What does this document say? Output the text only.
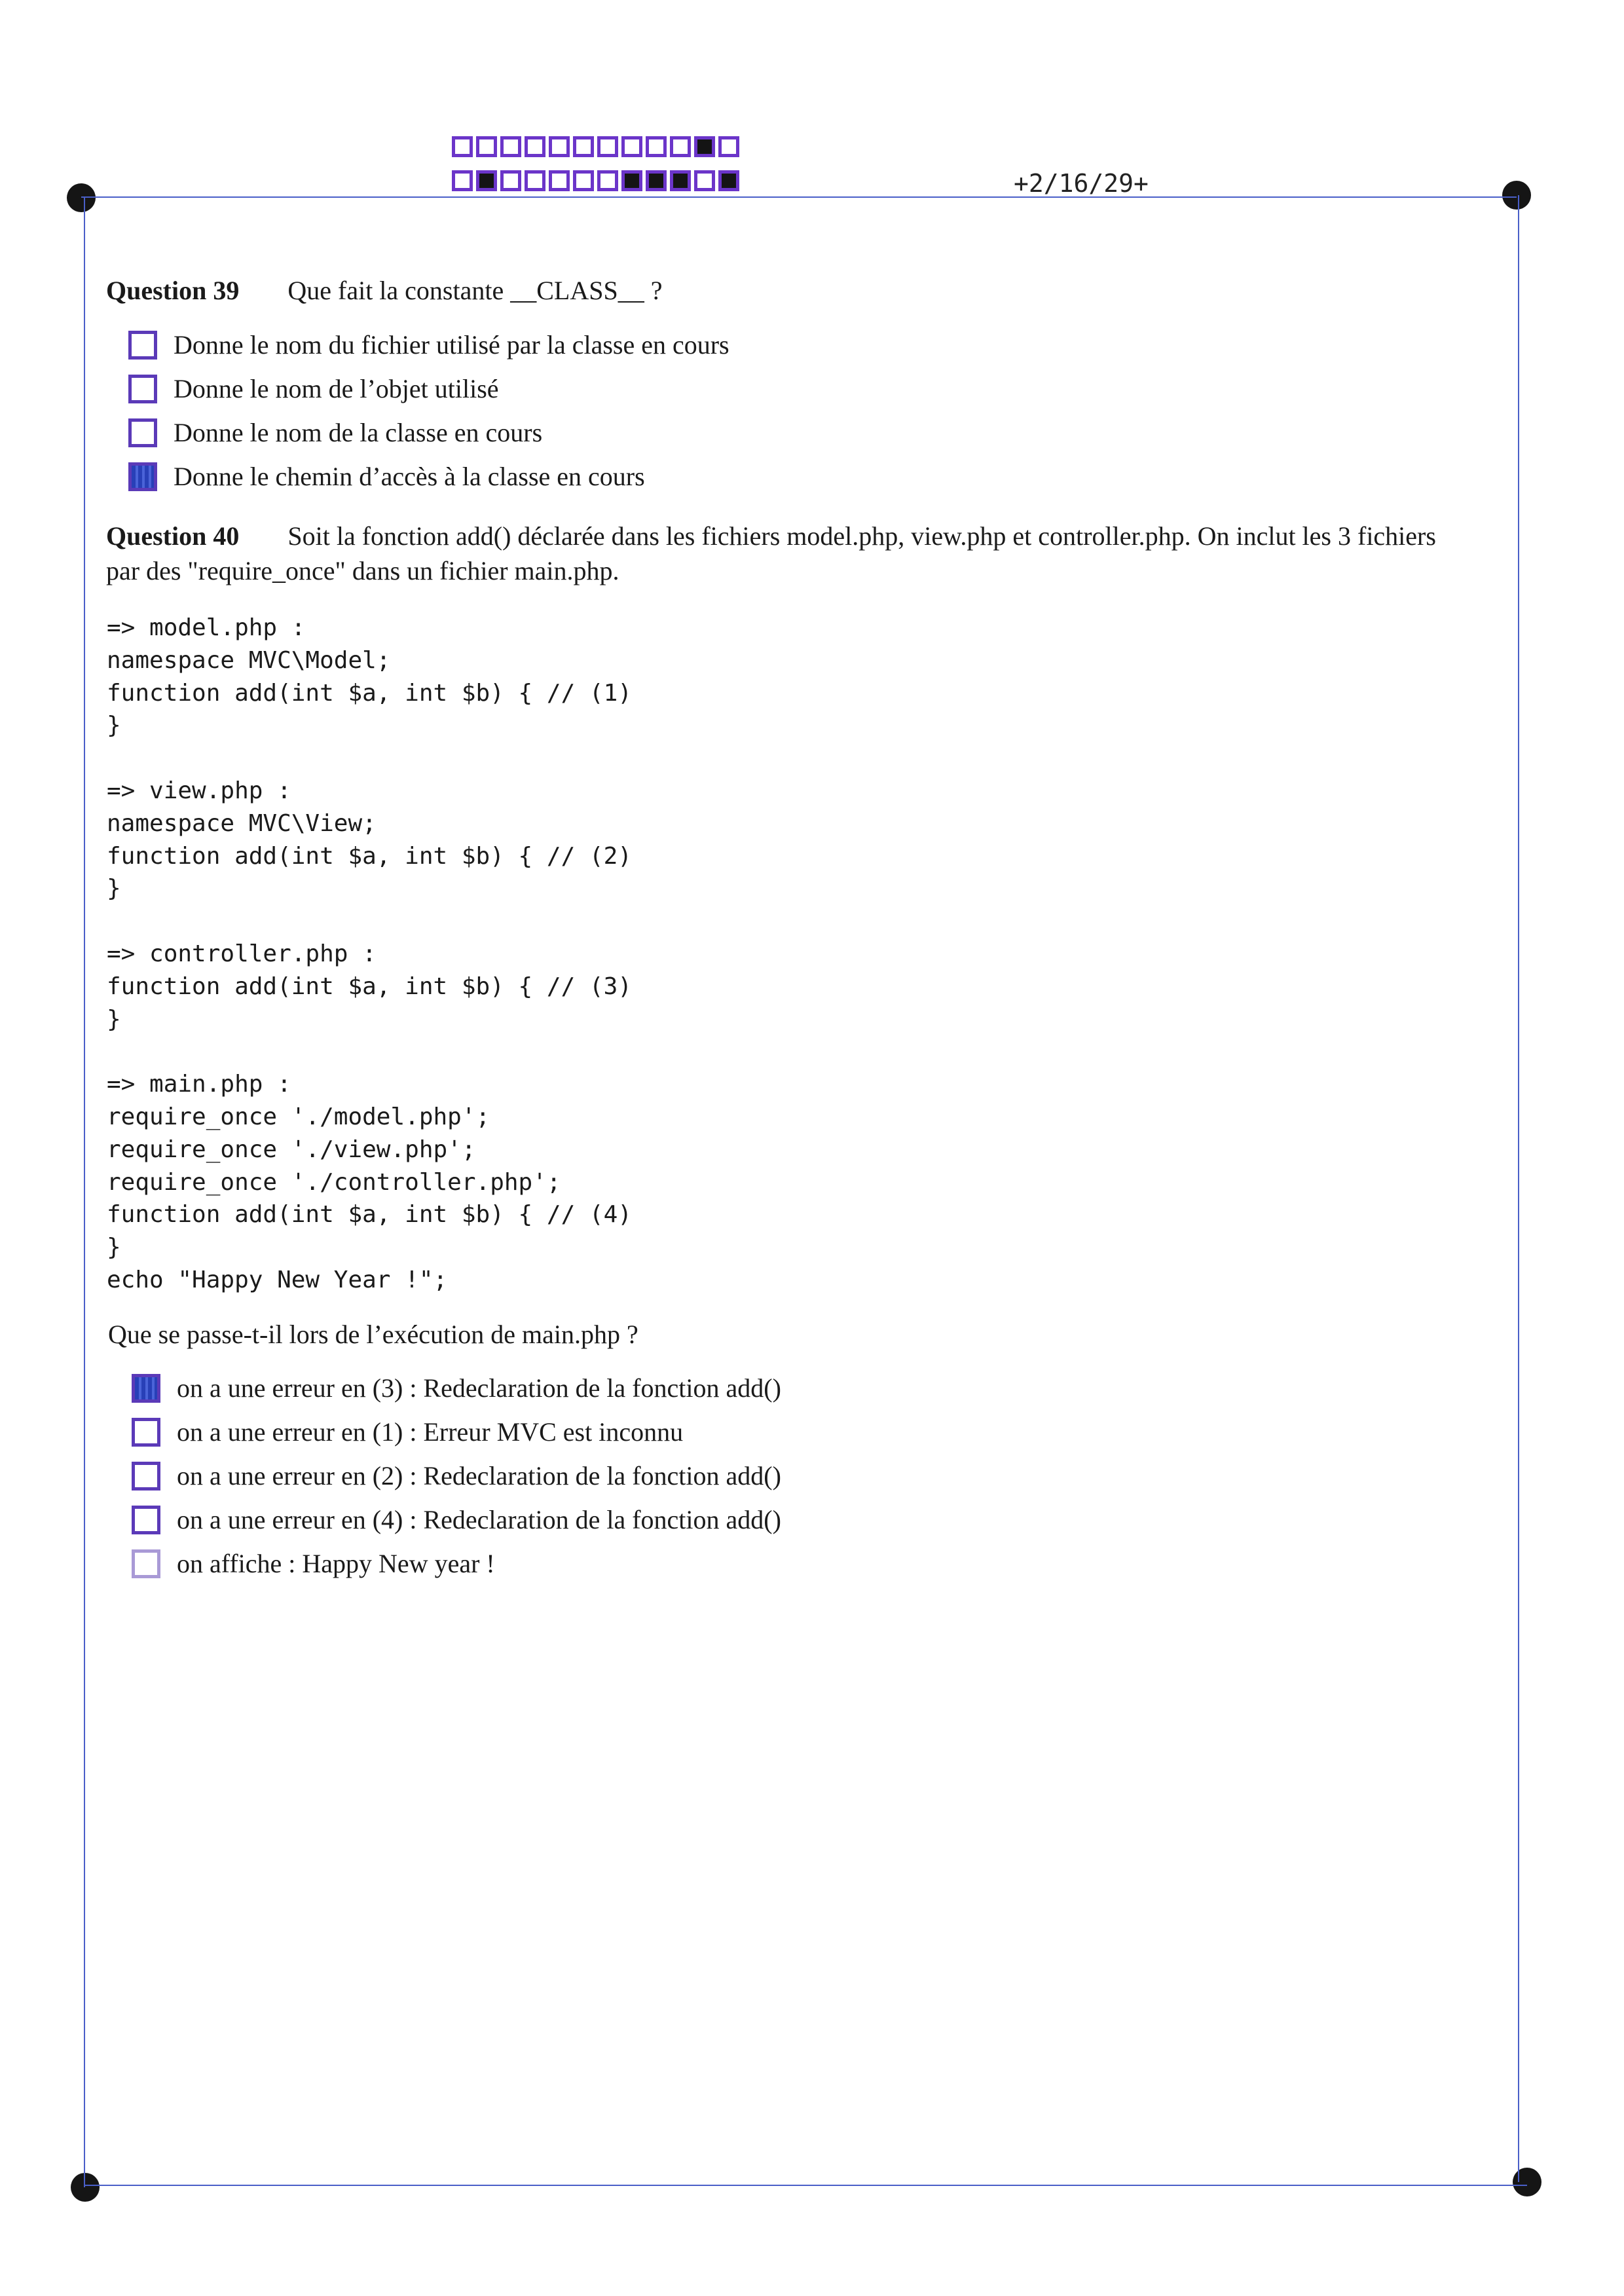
+2/16/29+
Question 39 Que fait la constante __CLASS__ ?
Donne le nom du fichier utilisé par la classe en cours
Donne le nom de l’objet utilisé
Donne le nom de la classe en cours
Donne le chemin d’accès à la classe en cours
Question 40 Soit la fonction add() déclarée dans les fichiers model.php, view.php et controller.php. On inclut les 3 fichiers
par des "require_once" dans un fichier main.php.
=> model.php :
namespace MVC\Model;
function add(int $a, int $b) { // (1)
}
=> view.php :
namespace MVC\View;
function add(int $a, int $b) { // (2)
}
=> controller.php :
function add(int $a, int $b) { // (3)
}
=> main.php :
require_once './model.php';
require_once './view.php';
require_once './controller.php';
function add(int $a, int $b) { // (4)
}
echo "Happy New Year !";
Que se passe-t-il lors de l’exécution de main.php ?
on a une erreur en (3) : Redeclaration de la fonction add()
on a une erreur en (1) : Erreur MVC est inconnu
on a une erreur en (2) : Redeclaration de la fonction add()
on a une erreur en (4) : Redeclaration de la fonction add()
on affiche : Happy New year !
